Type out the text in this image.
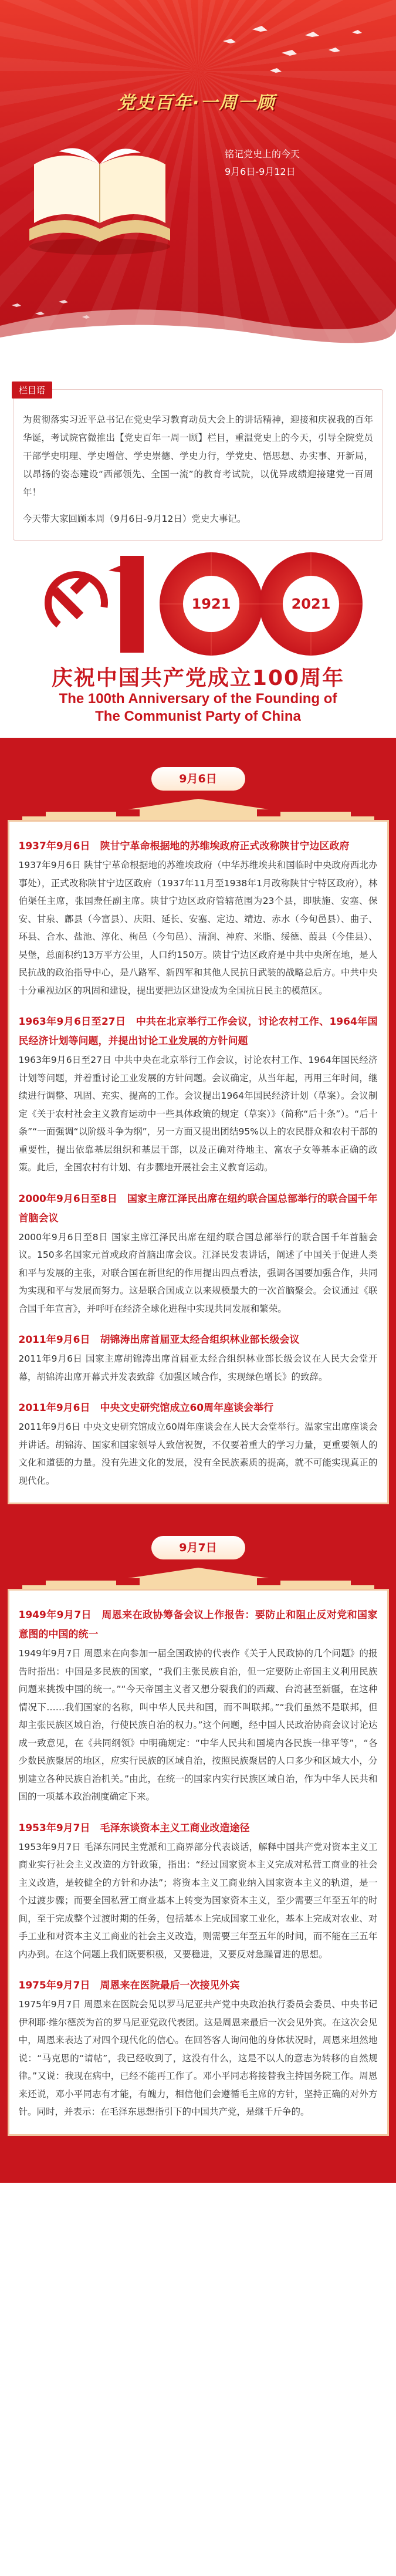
党史百年·一周一顾
铭记党史上的今天
9月6日-9月12日
栏目语

为贯彻落实习近平总书记在党史学习教育动员大会上的讲话精神，迎接和庆祝我的百年华诞，考试院官微推出【党史百年一周一顾】栏目，重温党史上的今天，引导全院党员干部学史明理、学史增信、学史崇德、学史力行，学党史、悟思想、办实事、开新局，以昂扬的姿态建设“西部领先、全国一流”的教育考试院，以优异成绩迎接建党一百周年！

今天带大家回顾本周（9月6日-9月12日）党史大事记。

1921	2021
庆祝中国共产党成立100周年
The 100th Anniversary of the Founding of
The Communist Party of China
9月6日
1937年9月6日　陕甘宁革命根据地的苏维埃政府正式改称陕甘宁边区政府

1937年9月6日 陕甘宁革命根据地的苏维埃政府（中华苏维埃共和国临时中央政府西北办事处），正式改称陕甘宁边区政府（1937年11月至1938年1月改称陕甘宁特区政府），林伯渠任主席，张国焘任副主席。陕甘宁边区政府管辖范围为23个县，即肤施、安塞、保安、甘泉、鄜县（今富县）、庆阳、延长、安塞、定边、靖边、赤水（今旬邑县）、曲子、环县、合水、盐池、淳化、栒邑（今旬邑）、清涧、神府、米脂、绥德、葭县（今佳县）、吴堡，总面积约13万平方公里，人口约150万。陕甘宁边区政府是中共中央所在地，是人民抗战的政治指导中心，是八路军、新四军和其他人民抗日武装的战略总后方。中共中央十分重视边区的巩固和建设，提出要把边区建设成为全国抗日民主的模范区。

1963年9月6日至27日　中共在北京举行工作会议，讨论农村工作、1964年国民经济计划等问题，并提出讨论工业发展的方针问题

1963年9月6日至27日 中共中央在北京举行工作会议，讨论农村工作、1964年国民经济计划等问题，并着重讨论工业发展的方针问题。会议确定，从当年起，再用三年时间，继续进行调整、巩固、充实、提高的工作。会议提出1964年国民经济计划（草案）。会议制定《关于农村社会主义教育运动中一些具体政策的规定（草案）》（简称“后十条”）。“后十条”“一面强调“以阶级斗争为纲”，另一方面又提出团结95%以上的农民群众和农村干部的重要性，提出依靠基层组织和基层干部，以及正确对待地主、富农子女等基本正确的政策。此后，全国农村有计划、有步骤地开展社会主义教育运动。

2000年9月6日至8日　国家主席江泽民出席在纽约联合国总部举行的联合国千年首脑会议

2000年9月6日至8日 国家主席江泽民出席在纽约联合国总部举行的联合国千年首脑会议。150多名国家元首或政府首脑出席会议。江泽民发表讲话，阐述了中国关于促进人类和平与发展的主张，对联合国在新世纪的作用提出四点看法，强调各国要加强合作，共同为实现和平与发展而努力。这是联合国成立以来规模最大的一次首脑聚会。会议通过《联合国千年宣言》，并呼吁在经济全球化进程中实现共同发展和繁荣。

2011年9月6日　胡锦涛出席首届亚太经合组织林业部长级会议

2011年9月6日 国家主席胡锦涛出席首届亚太经合组织林业部长级会议在人民大会堂开幕，胡锦涛出席开幕式并发表致辞《加强区域合作，实现绿色增长》的致辞。

2011年9月6日　中央文史研究馆成立60周年座谈会举行

2011年9月6日 中央文史研究馆成立60周年座谈会在人民大会堂举行。温家宝出席座谈会并讲话。胡锦涛、国家和国家领导人致信祝贺，不仅要着重大的学习力量，更重要领人的文化和道德的力量。没有先进文化的发展，没有全民族素质的提高，就不可能实现真正的现代化。

9月7日
1949年9月7日　周恩来在政协筹备会议上作报告：要防止和阻止反对党和国家意图的中国的统一

1949年9月7日 周恩来在向参加一届全国政协的代表作《关于人民政协的几个问题》的报告时指出：中国是多民族的国家，“我们主张民族自治，但一定要防止帝国主义利用民族问题来挑拨中国的统一。”“今天帝国主义者又想分裂我们的西藏、台湾甚至新疆，在这种情况下……我们国家的名称，叫中华人民共和国，而不叫联邦。”“我们虽然不是联邦，但却主张民族区域自治，行使民族自治的权力。”这个问题，经中国人民政治协商会议讨论达成一致意见，在《共同纲领》中明确规定：“中华人民共和国境内各民族一律平等”，“各少数民族聚居的地区，应实行民族的区域自治，按照民族聚居的人口多少和区域大小，分别建立各种民族自治机关。”由此，在统一的国家内实行民族区域自治，作为中华人民共和国的一项基本政治制度确定下来。

1953年9月7日　毛泽东谈资本主义工商业改造途径

1953年9月7日 毛泽东同民主党派和工商界部分代表谈话，解释中国共产党对资本主义工商业实行社会主义改造的方针政策，指出：“经过国家资本主义完成对私营工商业的社会主义改造，是较健全的方针和办法”；将资本主义工商业纳入国家资本主义的轨道，是一个过渡步骤；而要全国私营工商业基本上转变为国家资本主义，至少需要三年至五年的时间，至于完成整个过渡时期的任务，包括基本上完成国家工业化，基本上完成对农业、对手工业和对资本主义工商业的社会主义改造，则需要三年至五年的时间，而不能在三五年内办到。在这个问题上我们既要积极，又要稳进，又要反对急躁冒进的思想。

1975年9月7日　周恩来在医院最后一次接见外宾

1975年9月7日 周恩来在医院会见以罗马尼亚共产党中央政治执行委员会委员、中央书记伊利耶·维尔德茨为首的罗马尼亚党政代表团。这是周恩来最后一次会见外宾。在这次会见中，周恩来表达了对四个现代化的信心。在回答客人询问他的身体状况时，周恩来坦然地说：“马克思的“请帖”，我已经收到了，这没有什么，这是不以人的意志为转移的自然规律。”又说：我现在病中，已经不能再工作了。邓小平同志将接替我主持国务院工作。周恩来还说，邓小平同志有才能，有魄力，相信他们会遵循毛主席的方针，坚持正确的对外方针。同时，并表示：在毛泽东思想指引下的中国共产党，是继千斤争的。
